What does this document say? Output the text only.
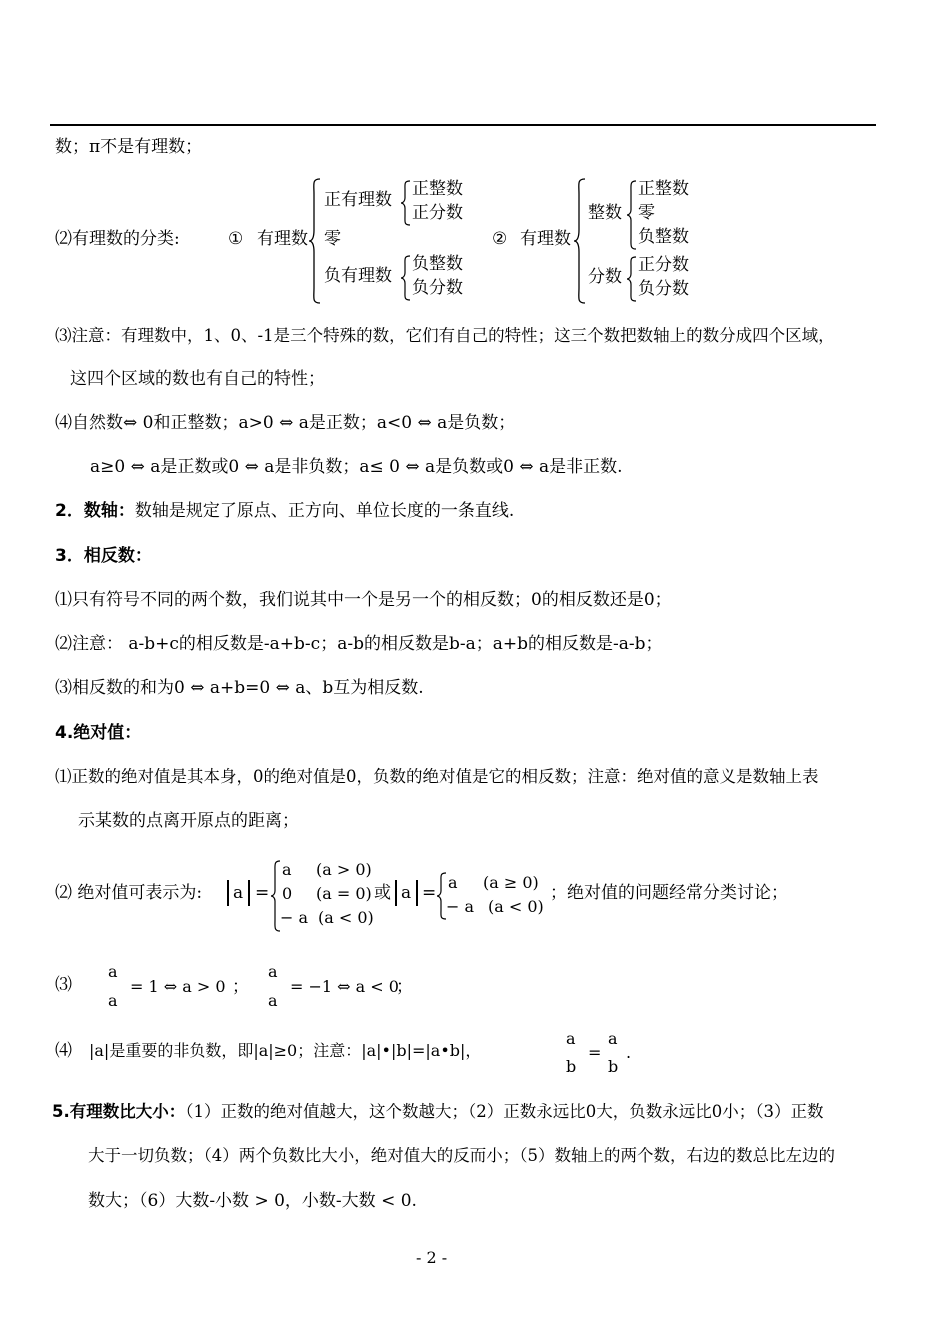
数；π不是有理数；
⑵有理数的分类:	① 有理数
正有理数
零
负有理数
正整数
正分数
负整数
负分数
② 有理数
整数
正整数
零
负整数
分数
正分数
负分数
⑶注意：有理数中，1、0、-1是三个特殊的数，它们有自己的特性；这三个数把数轴上的数分成四个区域，
这四个区域的数也有自己的特性；
⑷自然数⇔ 0和正整数；a>0 ⇔ a是正数；a<0 ⇔ a是负数；
a≥0 ⇔ a是正数或0 ⇔ a是非负数；a≤ 0 ⇔ a是负数或0 ⇔ a是非正数.
2．数轴：数轴是规定了原点、正方向、单位长度的一条直线.
3．相反数：
⑴只有符号不同的两个数，我们说其中一个是另一个的相反数；0的相反数还是0；
⑵注意： a-b+c的相反数是-a+b-c；a-b的相反数是b-a；a+b的相反数是-a-b；
⑶相反数的和为0 ⇔ a+b=0 ⇔ a、b互为相反数.
4.绝对值：
⑴正数的绝对值是其本身，0的绝对值是0，负数的绝对值是它的相反数；注意：绝对值的意义是数轴上表
示某数的点离开原点的距离；
⑵ 绝对值可表示为: a =
a (a > 0)
0 (a = 0)
− a (a < 0)
或 a =
a (a ≥ 0)
− a (a < 0)
；绝对值的问题经常分类讨论；
⑶
a
a
= 1 ⇔ a > 0 ；
a
a
= −1 ⇔ a < 0
；
⑷ |a|是重要的非负数，即|a|≥0；注意：|a|•|b|=|a•b|，
a
b
=
a
b
.
5.有理数比大小：（1）正数的绝对值越大，这个数越大；（2）正数永远比0大，负数永远比0小；（3）正数
大于一切负数；（4）两个负数比大小，绝对值大的反而小；（5）数轴上的两个数，右边的数总比左边的
数大；（6）大数-小数 > 0，小数-大数 < 0.
- 2 -
